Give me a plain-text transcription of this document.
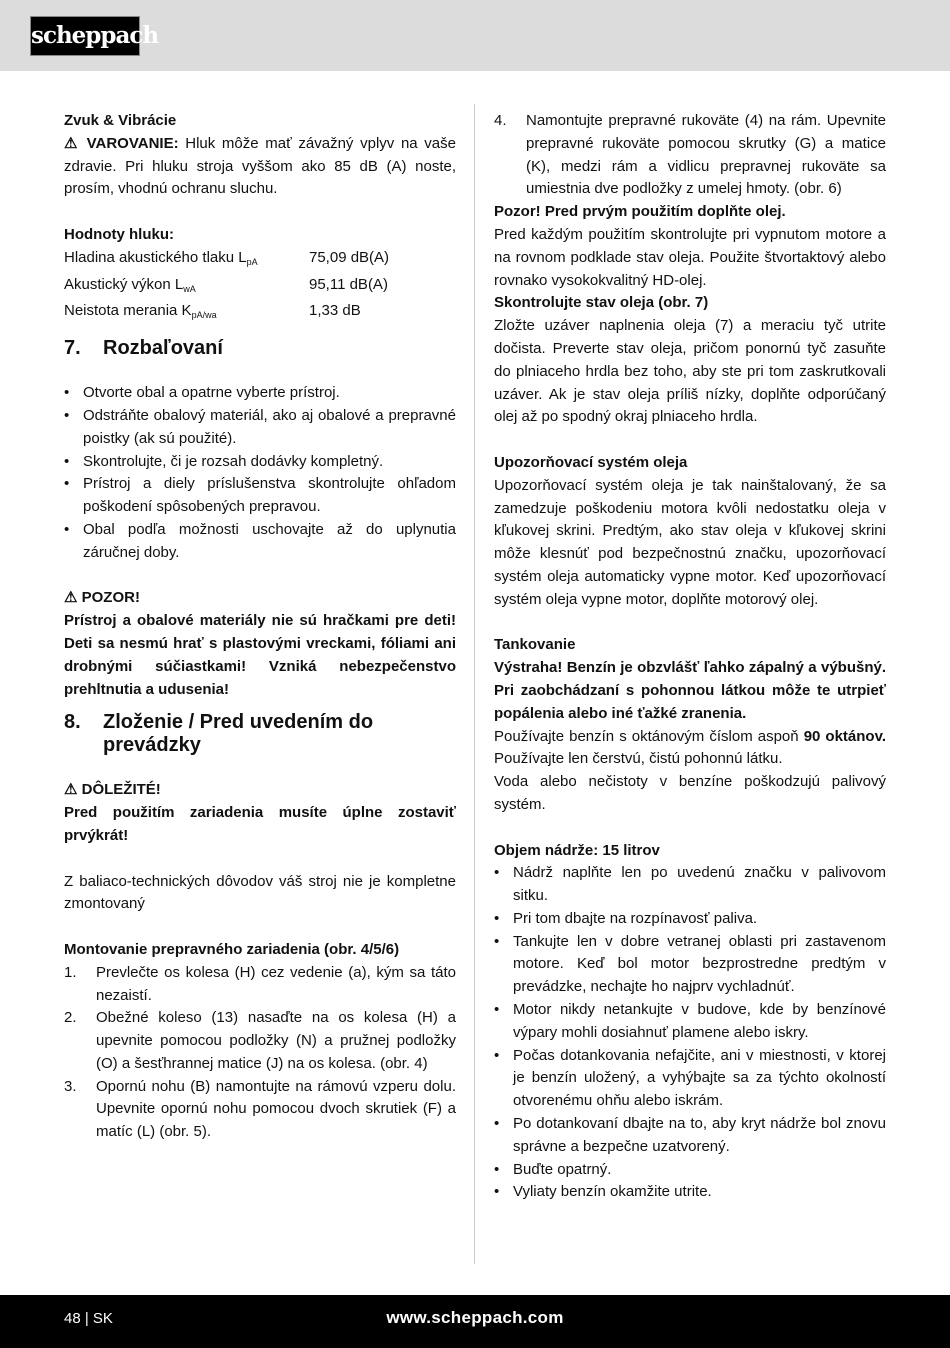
scheppach
Zvuk & Vibrácie
⚠ VAROVANIE: Hluk môže mať závažný vplyv na vaše zdravie. Pri hluku stroja vyššom ako 85 dB (A) noste, prosím, vhodnú ochranu sluchu.
Hodnoty hluku:
Hladina akustického tlaku $L_{pA}$	75,09 dB(A)
Akustický výkon $L_{wA}$	95,11 dB(A)
Neistota merania $K_{pA/wa}$	1,33 dB
7.	Rozbaľovaní
• Otvorte obal a opatrne vyberte prístroj.
• Odstráňte obalový materiál, ako aj obalové a prepravné poistky (ak sú použité).
• Skontrolujte, či je rozsah dodávky kompletný.
• Prístroj a diely príslušenstva skontrolujte ohľadom poškodení spôsobených prepravou.
• Obal podľa možnosti uschovajte až do uplynutia záručnej doby.
⚠ POZOR!
Prístroj a obalové materiály nie sú hračkami pre deti! Deti sa nesmú hrať s plastovými vreckami, fóliami ani drobnými súčiastkami! Vzniká nebezpečenstvo prehltnutia a udusenia!
8.	Zloženie / Pred uvedením do prevádzky
⚠ DÔLEŽITÉ!
Pred použitím zariadenia musíte úplne zostaviť prvýkrát!
Z baliaco-technických dôvodov váš stroj nie je kompletne zmontovaný
Montovanie prepravného zariadenia (obr. 4/5/6)
1.	Prevlečte os kolesa (H) cez vedenie (a), kým sa táto nezaistí.
2.	Obežné koleso (13) nasaďte na os kolesa (H) a upevnite pomocou podložky (N) a pružnej podložky (O) a šesťhrannej matice (J) na os kolesa. (obr. 4)
3.	Opornú nohu (B) namontujte na rámovú vzperu dolu. Upevnite opornú nohu pomocou dvoch skrutiek (F) a matíc (L) (obr. 5).
4.	Namontujte prepravné rukoväte (4) na rám. Upevnite prepravné rukoväte pomocou skrutky (G) a matice (K), medzi rám a vidlicu prepravnej rukoväte sa umiestnia dve podložky z umelej hmoty. (obr. 6)
Pozor! Pred prvým použitím doplňte olej.
Pred každým použitím skontrolujte pri vypnutom motore a na rovnom podklade stav oleja. Použite štvortaktový alebo rovnako vysokokvalitný HD-olej.
Skontrolujte stav oleja (obr. 7)
Zložte uzáver naplnenia oleja (7) a meraciu tyč utrite dočista. Preverte stav oleja, pričom ponornú tyč zasuňte do plniaceho hrdla bez toho, aby ste pri tom zaskrutkovali uzáver. Ak je stav oleja príliš nízky, doplňte odporúčaný olej až po spodný okraj plniaceho hrdla.
Upozorňovací systém oleja
Upozorňovací systém oleja je tak nainštalovaný, že sa zamedzuje poškodeniu motora kvôli nedostatku oleja v kľukovej skrini. Predtým, ako stav oleja v kľukovej skrini môže klesnúť pod bezpečnostnú značku, upozorňovací systém oleja automaticky vypne motor. Keď upozorňovací systém oleja vypne motor, doplňte motorový olej.
Tankovanie
Výstraha! Benzín je obzvlášť ľahko zápalný a výbušný. Pri zaobchádzaní s pohonnou látkou môže te utrpieť popálenia alebo iné ťažké zranenia.
Používajte benzín s oktánovým číslom aspoň 90 oktánov. Používajte len čerstvú, čistú pohonnú látku.
Voda alebo nečistoty v benzíne poškodzujú palivový systém.
Objem nádrže: 15 litrov
• Nádrž naplňte len po uvedenú značku v palivovom sitku.
• Pri tom dbajte na rozpínavosť paliva.
• Tankujte len v dobre vetranej oblasti pri zastavenom motore. Keď bol motor bezprostredne predtým v prevádzke, nechajte ho najprv vychladnúť.
• Motor nikdy netankujte v budove, kde by benzínové výpary mohli dosiahnuť plamene alebo iskry.
• Počas dotankovania nefajčite, ani v miestnosti, v ktorej je benzín uložený, a vyhýbajte sa za týchto okolností otvorenému ohňu alebo iskrám.
• Po dotankovaní dbajte na to, aby kryt nádrže bol znovu správne a bezpečne uzatvorený.
• Buďte opatrný.
• Vyliaty benzín okamžite utrite.
48 | SK	www.scheppach.com
